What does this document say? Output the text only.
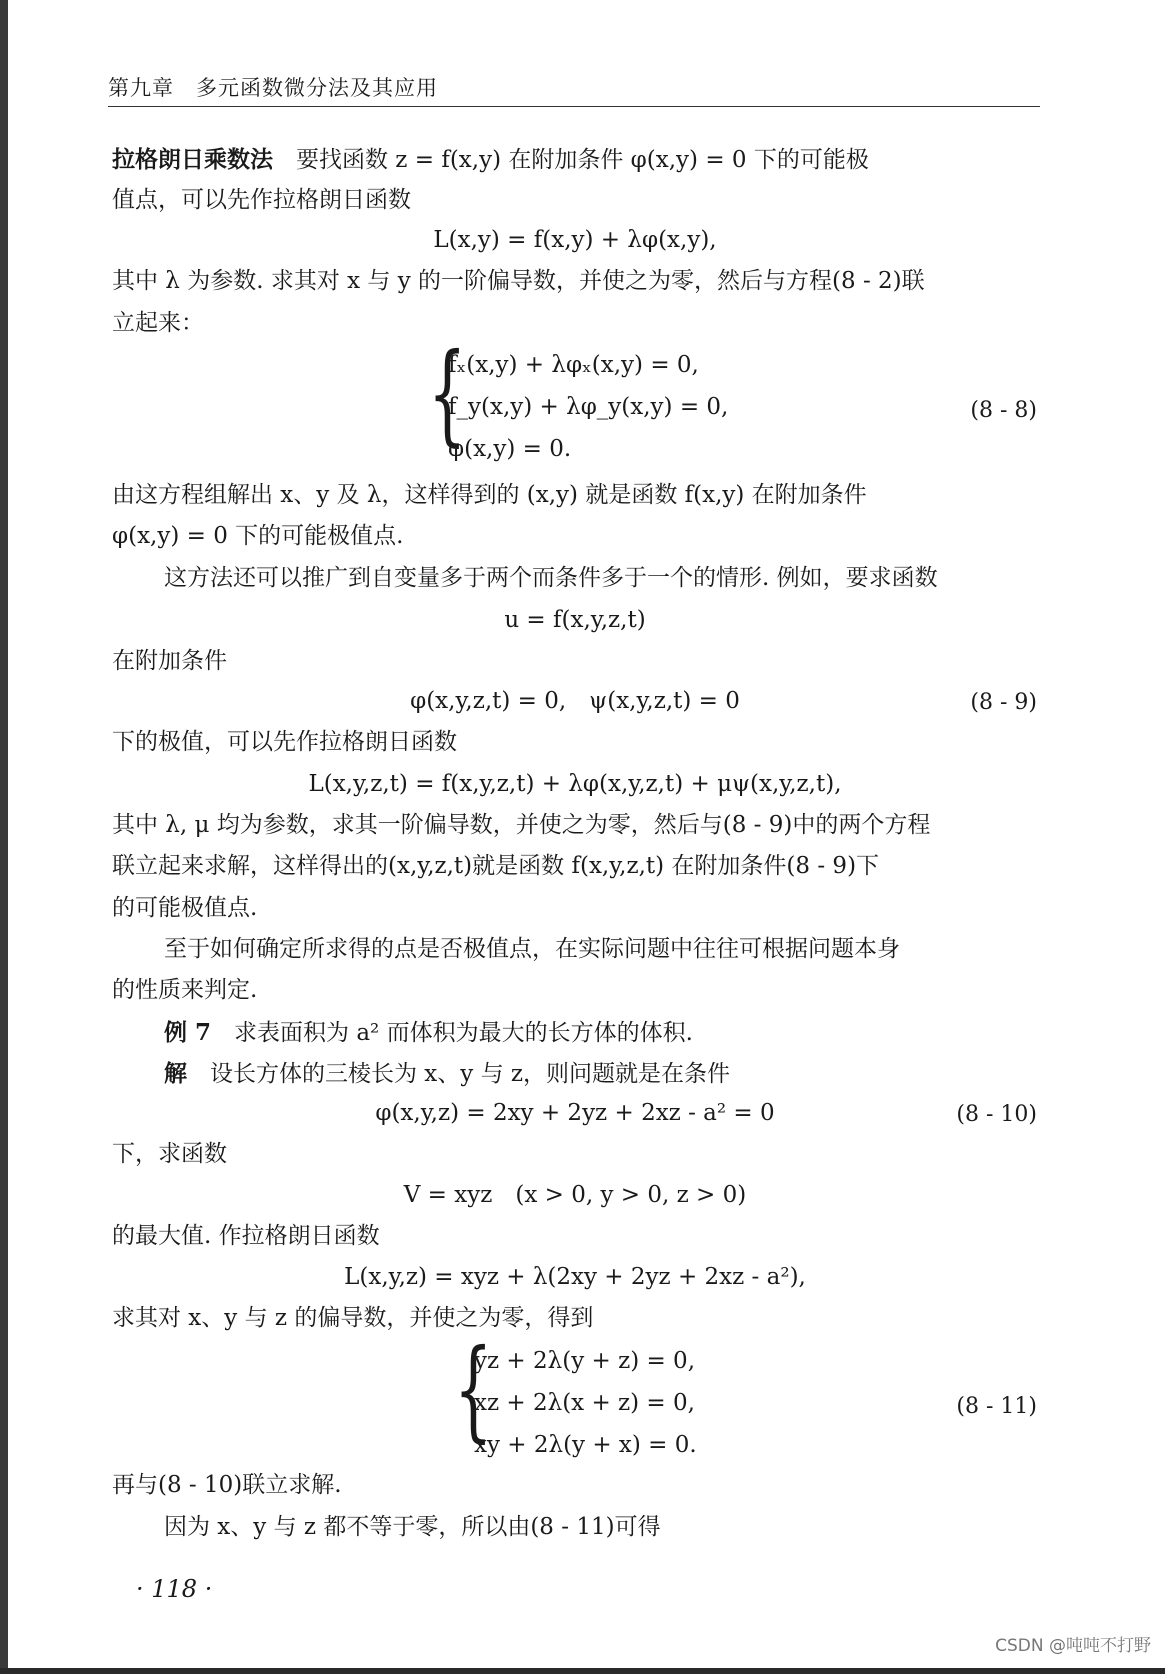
第九章　多元函数微分法及其应用
拉格朗日乘数法　要找函数 z = f(x,y) 在附加条件 φ(x,y) = 0 下的可能极
值点，可以先作拉格朗日函数
L(x,y) = f(x,y) + λφ(x,y),
其中 λ 为参数. 求其对 x 与 y 的一阶偏导数，并使之为零，然后与方程(8 - 2)联
立起来：
{
fₓ(x,y) + λφₓ(x,y) = 0,
f_y(x,y) + λφ_y(x,y) = 0,
φ(x,y) = 0.
(8 - 8)
由这方程组解出 x、y 及 λ，这样得到的 (x,y) 就是函数 f(x,y) 在附加条件
φ(x,y) = 0 下的可能极值点.
这方法还可以推广到自变量多于两个而条件多于一个的情形. 例如，要求函数
u = f(x,y,z,t)
在附加条件
φ(x,y,z,t) = 0,　ψ(x,y,z,t) = 0	(8 - 9)
下的极值，可以先作拉格朗日函数
L(x,y,z,t) = f(x,y,z,t) + λφ(x,y,z,t) + μψ(x,y,z,t),
其中 λ, μ 均为参数，求其一阶偏导数，并使之为零，然后与(8 - 9)中的两个方程
联立起来求解，这样得出的(x,y,z,t)就是函数 f(x,y,z,t) 在附加条件(8 - 9)下
的可能极值点.
至于如何确定所求得的点是否极值点，在实际问题中往往可根据问题本身
的性质来判定.
例 7　求表面积为 a² 而体积为最大的长方体的体积.
解　设长方体的三棱长为 x、y 与 z，则问题就是在条件
φ(x,y,z) = 2xy + 2yz + 2xz - a² = 0	(8 - 10)
下，求函数
V = xyz　(x > 0, y > 0, z > 0)
的最大值. 作拉格朗日函数
L(x,y,z) = xyz + λ(2xy + 2yz + 2xz - a²),
求其对 x、y 与 z 的偏导数，并使之为零，得到
{
yz + 2λ(y + z) = 0,
xz + 2λ(x + z) = 0,
xy + 2λ(y + x) = 0.
(8 - 11)
再与(8 - 10)联立求解.
因为 x、y 与 z 都不等于零，所以由(8 - 11)可得
· 118 ·
CSDN @吨吨不打野
